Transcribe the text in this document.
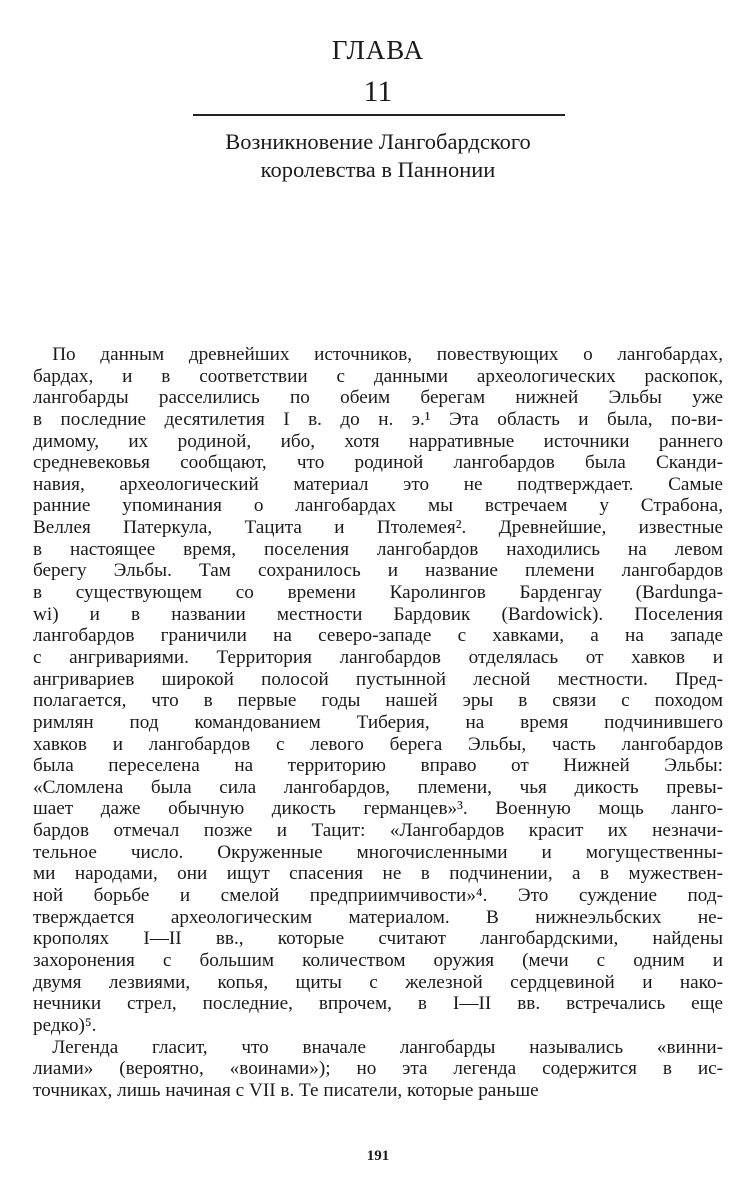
ГЛАВА
11
Возникновение Лангобардского
королевства в Паннонии
 По данным древнейших источников, повествующих о лангобардах,
бардах, и в соответствии с данными археологических раскопок,
лангобарды расселились по обеим берегам нижней Эльбы уже
в последние десятилетия I в. до н. э.¹ Эта область и была, по-ви-
димому, их родиной, ибо, хотя нарративные источники раннего
средневековья сообщают, что родиной лангобардов была Сканди-
навия, археологический материал это не подтверждает. Самые
ранние упоминания о лангобардах мы встречаем у Страбона,
Веллея Патеркула, Тацита и Птолемея². Древнейшие, известные
в настоящее время, поселения лангобардов находились на левом
берегу Эльбы. Там сохранилось и название племени лангобардов
в существующем со времени Каролингов Барденгау (Bardunga-
wi) и в названии местности Бардовик (Bardowick). Поселения
лангобардов граничили на северо-западе с хавками, а на западе
с ангривариями. Территория лангобардов отделялась от хавков и
ангривариев широкой полосой пустынной лесной местности. Пред-
полагается, что в первые годы нашей эры в связи с походом
римлян под командованием Тиберия, на время подчинившего
хавков и лангобардов с левого берега Эльбы, часть лангобардов
была переселена на территорию вправо от Нижней Эльбы:
«Сломлена была сила лангобардов, племени, чья дикость превы-
шает даже обычную дикость германцев»³. Военную мощь ланго-
бардов отмечал позже и Тацит: «Лангобардов красит их незначи-
тельное число. Окруженные многочисленными и могущественны-
ми народами, они ищут спасения не в подчинении, а в мужествен-
ной борьбе и смелой предприимчивости»⁴. Это суждение под-
тверждается археологическим материалом. В нижнеэльбских не-
крополях I—II вв., которые считают лангобардскими, найдены
захоронения с большим количеством оружия (мечи с одним и
двумя лезвиями, копья, щиты с железной сердцевиной и нако-
нечники стрел, последние, впрочем, в I—II вв. встречались еще
редко)⁵.
 Легенда гласит, что вначале лангобарды назывались «винни-
лиами» (вероятно, «воинами»); но эта легенда содержится в ис-
точниках, лишь начиная с VII в. Те писатели, которые раньше
191
